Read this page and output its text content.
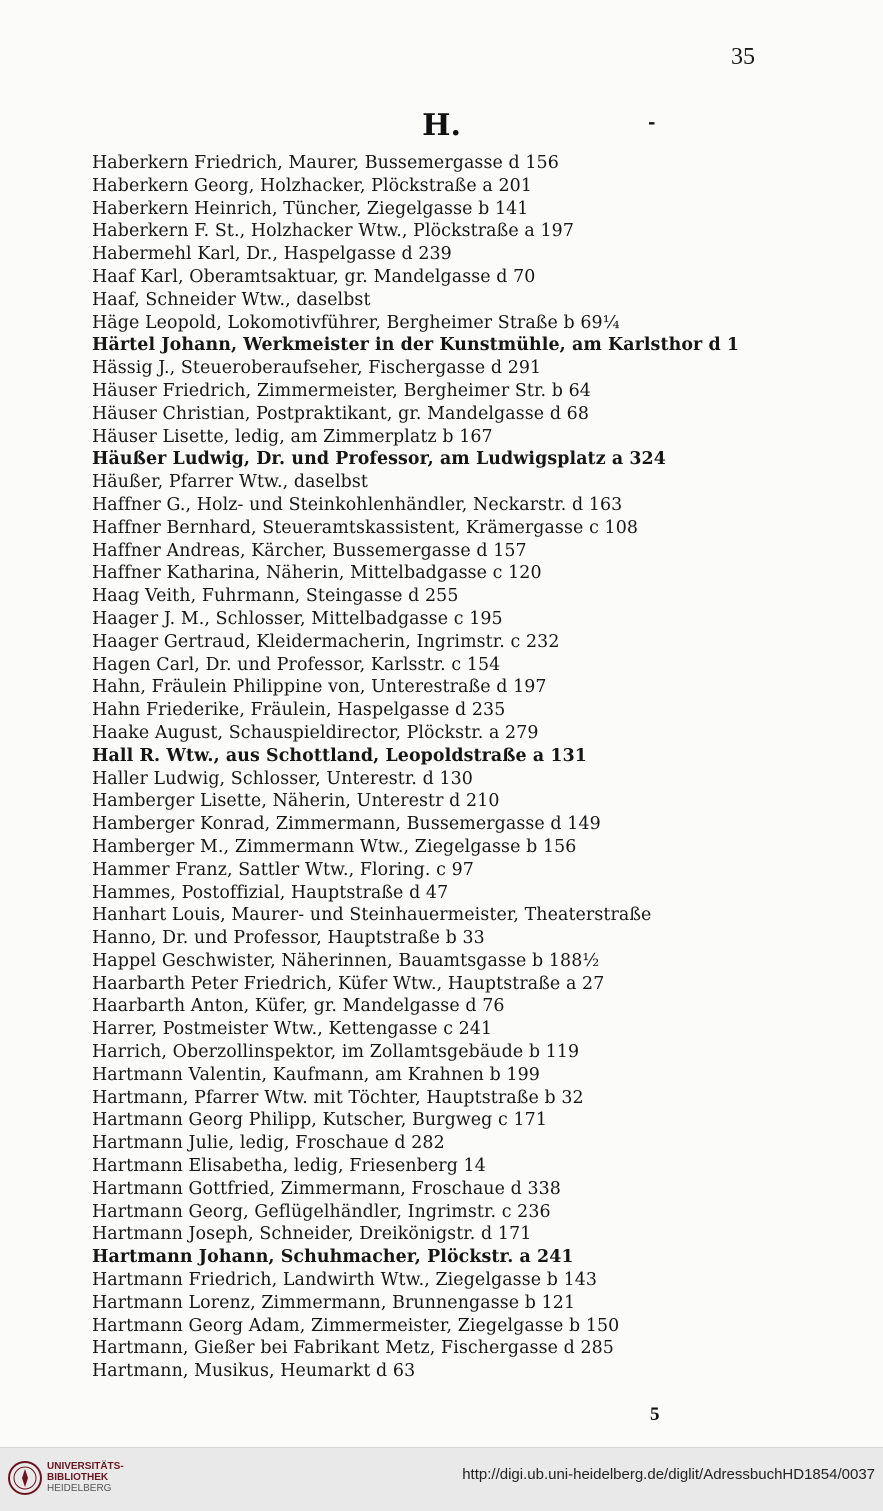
35
H.	-
Haberkern Friedrich, Maurer, Bussemergasse d 156
Haberkern Georg, Holzhacker, Plöckstraße a 201
Haberkern Heinrich, Tüncher, Ziegelgasse b 141
Haberkern F. St., Holzhacker Wtw., Plöckstraße a 197
Habermehl Karl, Dr., Haspelgasse d 239
Haaf Karl, Oberamtsaktuar, gr. Mandelgasse d 70
Haaf, Schneider Wtw., daselbst
Häge Leopold, Lokomotivführer, Bergheimer Straße b 69¼
Härtel Johann, Werkmeister in der Kunstmühle, am Karlsthor d 1
Hässig J., Steueroberaufseher, Fischergasse d 291
Häuser Friedrich, Zimmermeister, Bergheimer Str. b 64
Häuser Christian, Postpraktikant, gr. Mandelgasse d 68
Häuser Lisette, ledig, am Zimmerplatz b 167
Häußer Ludwig, Dr. und Professor, am Ludwigsplatz a 324
Häußer, Pfarrer Wtw., daselbst
Haffner G., Holz- und Steinkohlenhändler, Neckarstr. d 163
Haffner Bernhard, Steueramtskassistent, Krämergasse c 108
Haffner Andreas, Kärcher, Bussemergasse d 157
Haffner Katharina, Näherin, Mittelbadgasse c 120
Haag Veith, Fuhrmann, Steingasse d 255
Haager J. M., Schlosser, Mittelbadgasse c 195
Haager Gertraud, Kleidermacherin, Ingrimstr. c 232
Hagen Carl, Dr. und Professor, Karlsstr. c 154
Hahn, Fräulein Philippine von, Unterestraße d 197
Hahn Friederike, Fräulein, Haspelgasse d 235
Haake August, Schauspieldirector, Plöckstr. a 279
Hall R. Wtw., aus Schottland, Leopoldstraße a 131
Haller Ludwig, Schlosser, Unterestr. d 130
Hamberger Lisette, Näherin, Unterestr d 210
Hamberger Konrad, Zimmermann, Bussemergasse d 149
Hamberger M., Zimmermann Wtw., Ziegelgasse b 156
Hammer Franz, Sattler Wtw., Floring. c 97
Hammes, Postoffizial, Hauptstraße d 47
Hanhart Louis, Maurer- und Steinhauermeister, Theaterstraße
Hanno, Dr. und Professor, Hauptstraße b 33
Happel Geschwister, Näherinnen, Bauamtsgasse b 188½
Haarbarth Peter Friedrich, Küfer Wtw., Hauptstraße a 27
Haarbarth Anton, Küfer, gr. Mandelgasse d 76
Harrer, Postmeister Wtw., Kettengasse c 241
Harrich, Oberzollinspektor, im Zollamtsgebäude b 119
Hartmann Valentin, Kaufmann, am Krahnen b 199
Hartmann, Pfarrer Wtw. mit Töchter, Hauptstraße b 32
Hartmann Georg Philipp, Kutscher, Burgweg c 171
Hartmann Julie, ledig, Froschaue d 282
Hartmann Elisabetha, ledig, Friesenberg 14
Hartmann Gottfried, Zimmermann, Froschaue d 338
Hartmann Georg, Geflügelhändler, Ingrimstr. c 236
Hartmann Joseph, Schneider, Dreikönigstr. d 171
Hartmann Johann, Schuhmacher, Plöckstr. a 241
Hartmann Friedrich, Landwirth Wtw., Ziegelgasse b 143
Hartmann Lorenz, Zimmermann, Brunnengasse b 121
Hartmann Georg Adam, Zimmermeister, Ziegelgasse b 150
Hartmann, Gießer bei Fabrikant Metz, Fischergasse d 285
Hartmann, Musikus, Heumarkt d 63
5
UNIVERSITÄTS-
BIBLIOTHEK
HEIDELBERG
http://digi.ub.uni-heidelberg.de/diglit/AdressbuchHD1854/0037
